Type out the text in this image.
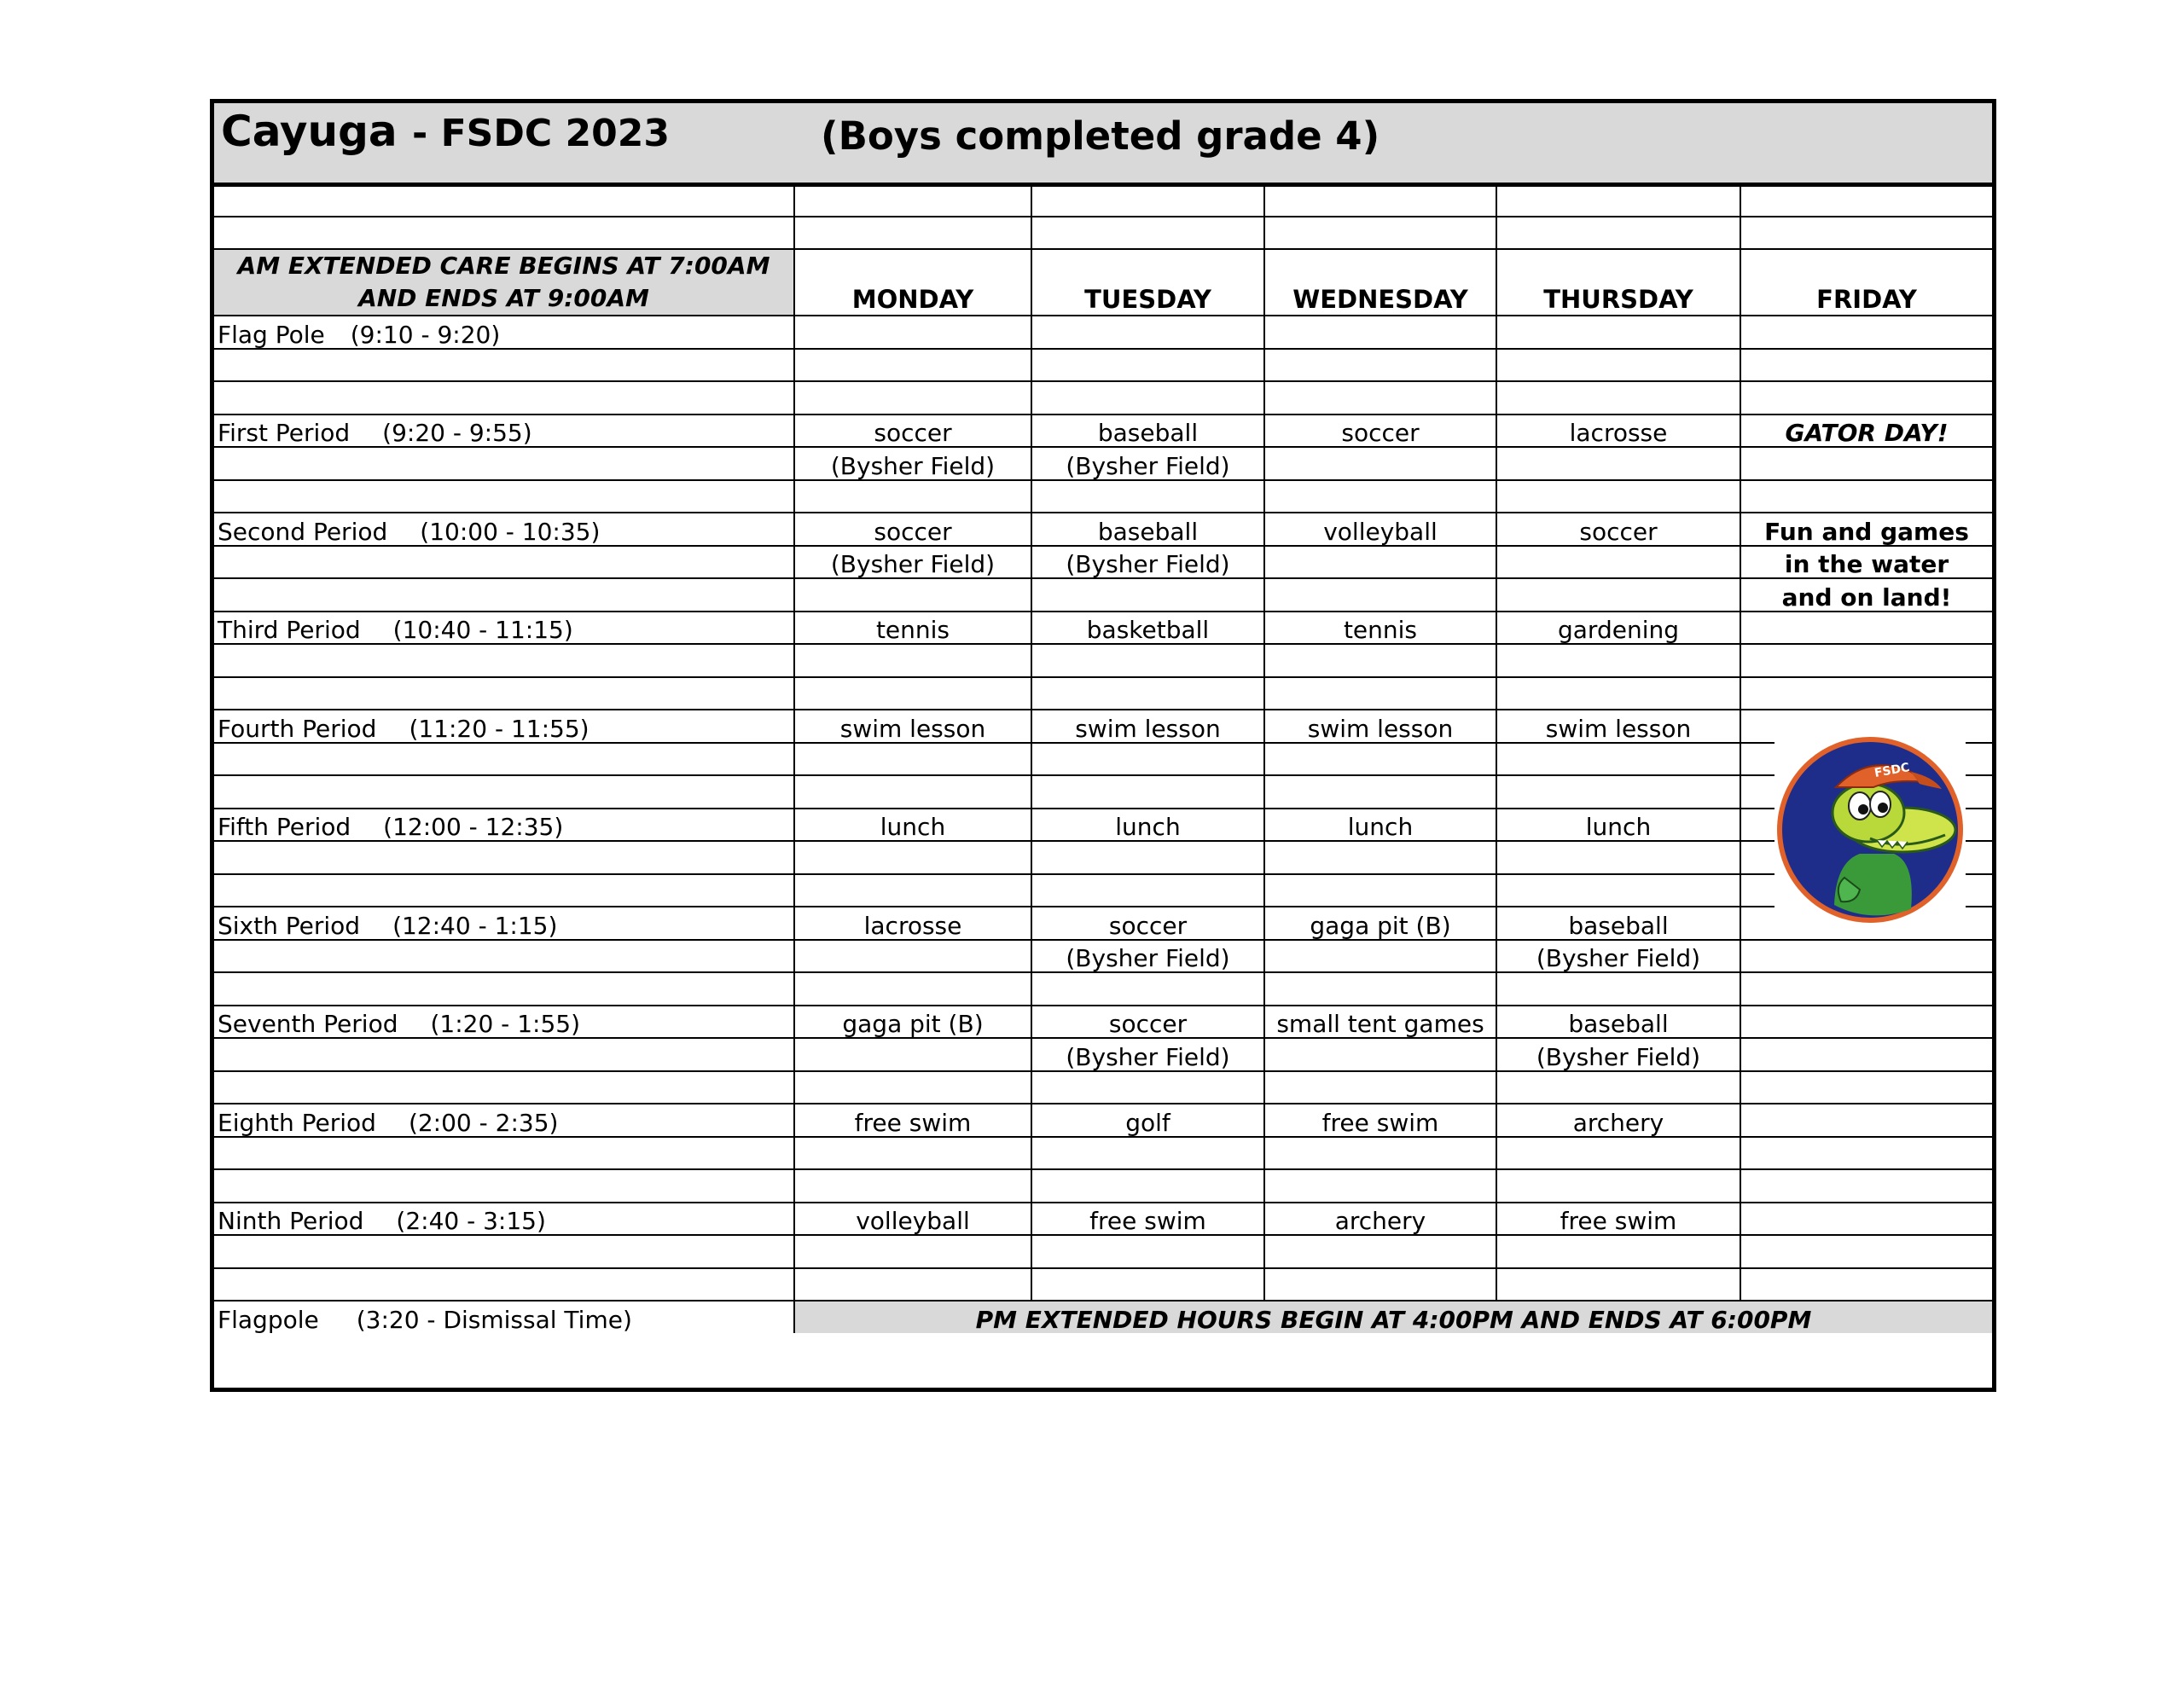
Cayuga - FSDC 2023	(Boys completed grade 4)

AM EXTENDED CARE BEGINS AT 7:00AM AND ENDS AT 9:00AM	MONDAY	TUESDAY	WEDNESDAY	THURSDAY	FRIDAY
Flag Pole (9:10 - 9:20)					

First Period (9:20 - 9:55)	soccer	baseball	soccer	lacrosse	GATOR DAY!
	(Bysher Field)	(Bysher Field)			

Second Period (10:00 - 10:35)	soccer	baseball	volleyball	soccer	Fun and games
	(Bysher Field)	(Bysher Field)			in the water
					and on land!
Third Period (10:40 - 11:15)	tennis	basketball	tennis	gardening	

Fourth Period (11:20 - 11:55)	swim lesson	swim lesson	swim lesson	swim lesson	

Fifth Period (12:00 - 12:35)	lunch	lunch	lunch	lunch	

Sixth Period (12:40 - 1:15)	lacrosse	soccer	gaga pit (B)	baseball	
		(Bysher Field)		(Bysher Field)	

Seventh Period (1:20 - 1:55)	gaga pit (B)	soccer	small tent games	baseball	
		(Bysher Field)		(Bysher Field)	

Eighth Period (2:00 - 2:35)	free swim	golf	free swim	archery	

Ninth Period (2:40 - 3:15)	volleyball	free swim	archery	free swim	

Flagpole (3:20 - Dismissal Time)	PM EXTENDED HOURS BEGIN AT 4:00PM AND ENDS AT 6:00PM				
FSDC
